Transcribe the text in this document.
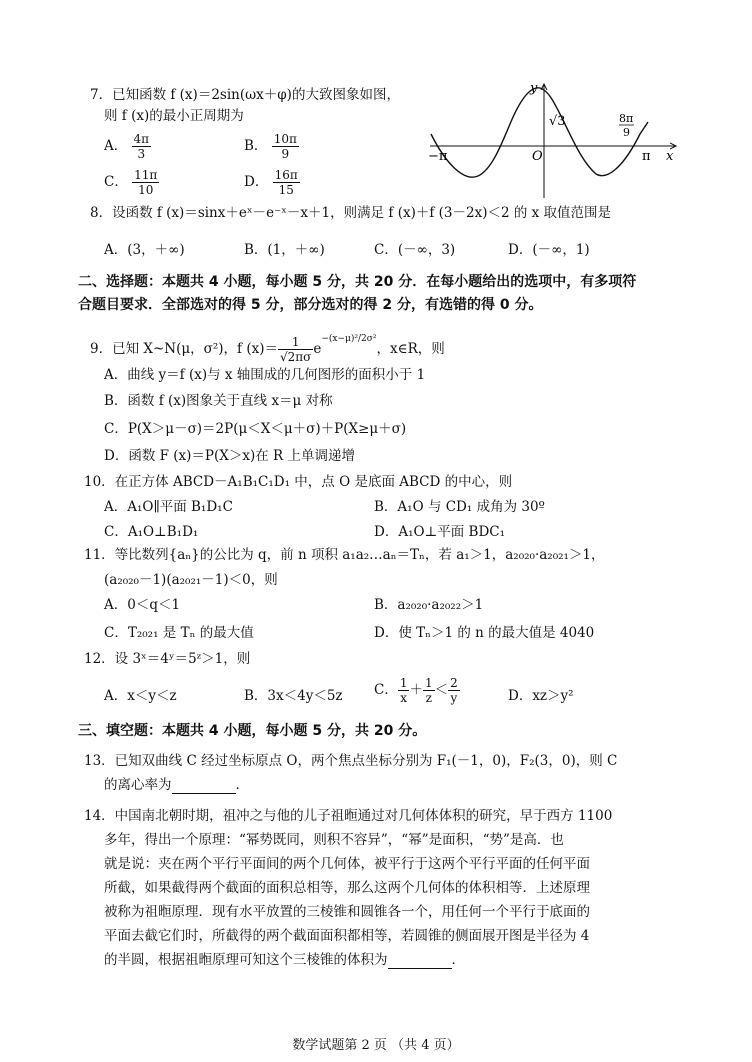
7．已知函数 f (x)＝2sin(ωx＋φ)的大致图象如图，
则 f (x)的最小正周期为
A． $\frac{4\pi}{3}$	B． $\frac{10\pi}{9}$
C． $\frac{11\pi}{10}$	D． $\frac{16\pi}{15}$
y
x
O
√3
−π	π
8π
9
8．设函数 f (x)＝sinx＋eˣ－e⁻ˣ－x＋1，则满足 f (x)＋f (3－2x)＜2 的 x 取值范围是
A．(3，＋∞)	B．(1，＋∞)	C．(－∞，3)	D．(－∞，1)
二、选择题：本题共 4 小题，每小题 5 分，共 20 分．在每小题给出的选项中，有多项符
合题目要求．全部选对的得 5 分，部分选对的得 2 分，有选错的得 0 分。
9．已知 X~N(μ，σ²)，f $(x)= \frac{1}{√2\pi\sigma} e^{-(x-\mu)^2/2\sigma^2}$，x∈R，则
A．曲线 y＝f (x)与 x 轴围成的几何图形的面积小于 1
B．函数 f (x)图象关于直线 x＝μ 对称
C．P(X＞μ－σ)＝2P(μ＜X＜μ＋σ)＋P(X≥μ＋σ)
D．函数 F (x)＝P(X＞x)在 R 上单调递增
10．在正方体 ABCD－A₁B₁C₁D₁ 中，点 O 是底面 ABCD 的中心，则
A．A₁O∥平面 B₁D₁C	B．A₁O 与 CD₁ 成角为 30º
C．A₁O⊥B₁D₁	D．A₁O⊥平面 BDC₁
11．等比数列{aₙ}的公比为 q，前 n 项积 a₁a₂…aₙ＝Tₙ，若 a₁＞1，a₂₀₂₀·a₂₀₂₁＞1，
(a₂₀₂₀－1)(a₂₀₂₁－1)＜0，则
A．0＜q＜1	B．a₂₀₂₀·a₂₀₂₂＞1
C．T₂₀₂₁ 是 Tₙ 的最大值	D．使 Tₙ＞1 的 n 的最大值是 4040
12．设 3ˣ＝4ʸ＝5ᶻ＞1，则
A．x＜y＜z	B．3x＜4y＜5z C． $\frac{1}{x} + \frac{1}{z} < \frac{2}{y}$	D．xz＞y²
三、填空题：本题共 4 小题，每小题 5 分，共 20 分。
13．已知双曲线 C 经过坐标原点 O，两个焦点坐标分别为 F₁(－1，0)，F₂(3，0)，则 C
的离心率为	．
14．中国南北朝时期，祖冲之与他的儿子祖暅通过对几何体体积的研究，早于西方 1100
多年，得出一个原理：“幂势既同，则积不容异”，“幂”是面积，“势”是高．也
就是说：夹在两个平行平面间的两个几何体，被平行于这两个平行平面的任何平面
所截，如果截得两个截面的面积总相等，那么这两个几何体的体积相等．上述原理
被称为祖暅原理．现有水平放置的三棱锥和圆锥各一个，用任何一个平行于底面的
平面去截它们时，所截得的两个截面面积都相等，若圆锥的侧面展开图是半径为 4
的半圆，根据祖暅原理可知这个三棱锥的体积为	．
数学试题第 2 页 （共 4 页）
